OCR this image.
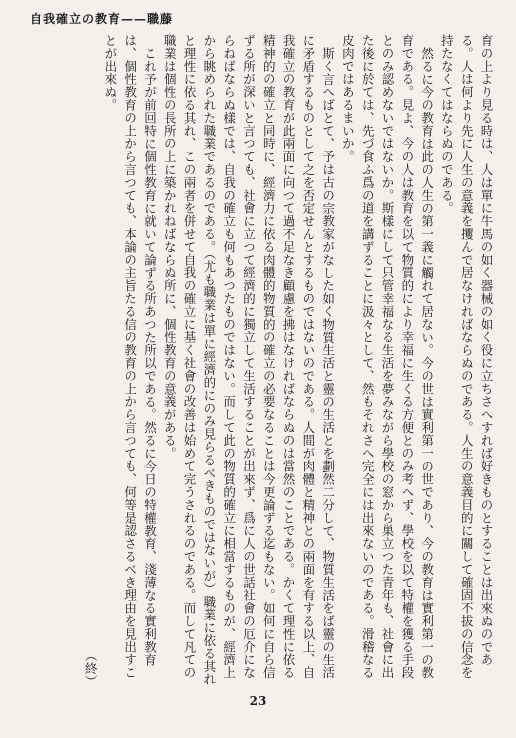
自我確立の教育——職藤

育の上より見る時は、人は單に牛馬の如く器械の如く役に立ちさへすれば好きものとすることは出來ぬのである。人は何より先に人生の意義を攫んで居なければならぬのである。人生の意義目的に關して確固不拔の信念を持たなくてはならぬのである。

然るに今の教育は此の人生の第一義に觸れて居ない。今の世は實利第一の世であり、今の教育は實利第一の教育である。見よ、今の人は教育を以て物質的により幸福に生くる方便とのみ考へず、學校を以て特權を獲る手段とのみ認めないではないか。斯樣にして只管幸福なる生活を夢みながら學校の窓から巣立つた青年も、社會に出た後に於ては、先づ食ふ爲の道を講ずることに汲々として、然もそれさへ完全には出來ないのである。滑稽なる皮肉ではあるまいか。

斯く言へばとて、予は古の宗教家がなした如く物質生活と靈の生活とを劃然二分して、物質生活をば靈の生活に矛盾するものとして之を否定せんとするものではないのである。人間が肉體と精神との兩面を有する以上、自我確立の教育が此兩面に向つて過不足なき顧慮を拂はなければならぬのは當然のことである。かくて理性に依る精神的の確立と同時に、經濟力に依る肉體的物質的の確立の必要なることは今更論ずる迄もない。如何に自ら信ずる所が深いと言つても、社會に立つて經濟的に獨立して生活することが出來ず、爲に人の世話社會の厄介にならねばならぬ樣では、自我の確立も何もあつたものではない。而して此の物質的確立に相當するものが、經濟上から眺められた職業であるのである。（尤も職業は單に經濟的にのみ見らるべきものではないが）職業に依る其れと理性に依る其れ、この兩者を併せて自我の確立に基く社會の改善は始めて完うされるのである。而して凡ての職業は個性の長所の上に築かれねばならぬ所に、個性教育の意義がある。

これ予が前回特に個性教育に就いて論ずる所あつた所以である。然るに今日の特權教育、淺薄なる實利教育は、個性教育の上から言つても、本論の主旨たる信の教育の上から言つても、何等是認さるべき理由を見出すことが出來ぬ。

（終）
23
